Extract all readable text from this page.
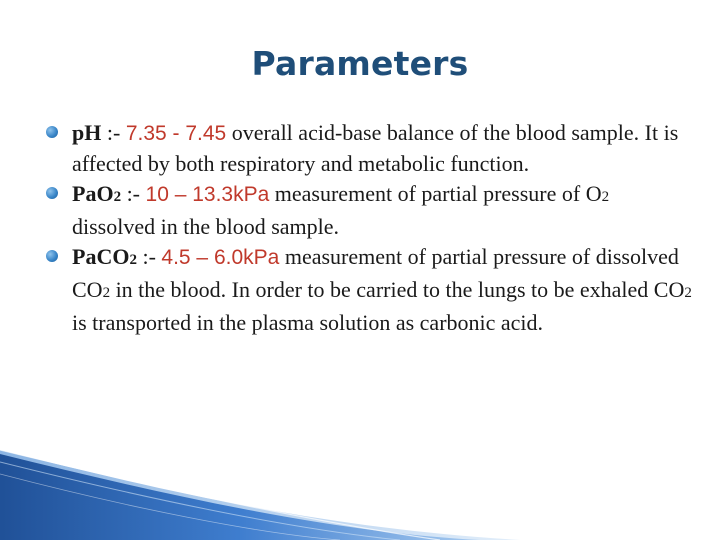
Parameters

pH :- 7.35 - 7.45 overall acid-base balance of the blood sample. It is affected by both respiratory and metabolic function.

PaO2 :- 10 – 13.3kPa measurement of partial pressure of O2 dissolved in the blood sample.

PaCO2 :- 4.5 – 6.0kPa measurement of partial pressure of dissolved CO2 in the blood. In order to be carried to the lungs to be exhaled CO2 is transported in the plasma solution as carbonic acid.
